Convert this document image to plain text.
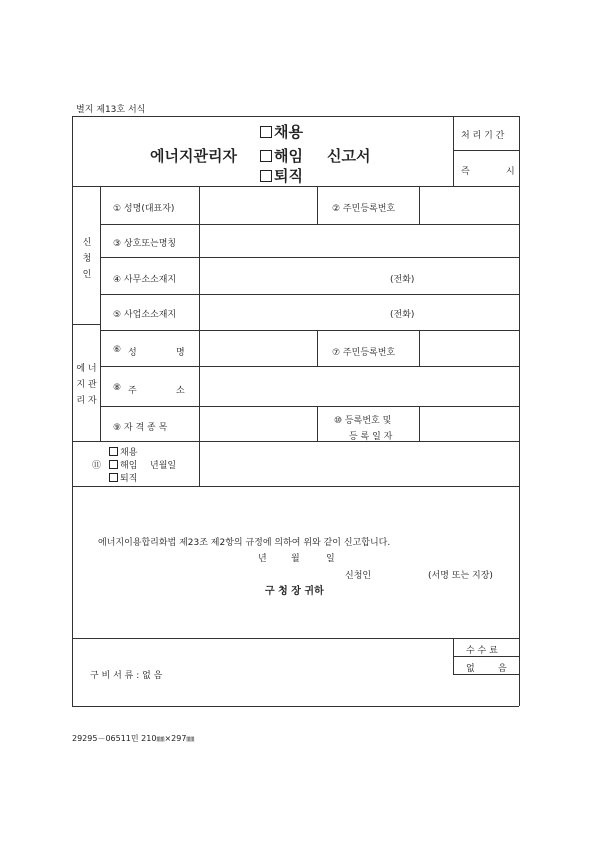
별지 제13호 서식
에너지관리자
채용
해임
퇴직
신고서
처 리 기 간
즉	시
신
청
인
① 성명(대표자)	② 주민등록번호
③ 상호또는명칭
④ 사무소소재지	(전화)
⑤ 사업소소재지	(전화)
에 너
지 관
리 자
⑥ 성	명	⑦ 주민등록번호
⑧ 주	소
⑨ 자 격 종 목
⑩ 등록번호 및
등 록 일 자
⑪
채용
해임 년월일
퇴직
에너지이용합리화법 제23조 제2항의 규정에 의하여 위와 같이 신고합니다.
년	월	일
신청인	(서명 또는 지장)
구 청 장 귀하
수 수 료
없	음
구 비 서 류 : 없 음
29295－06511민 210㎜×297㎜
